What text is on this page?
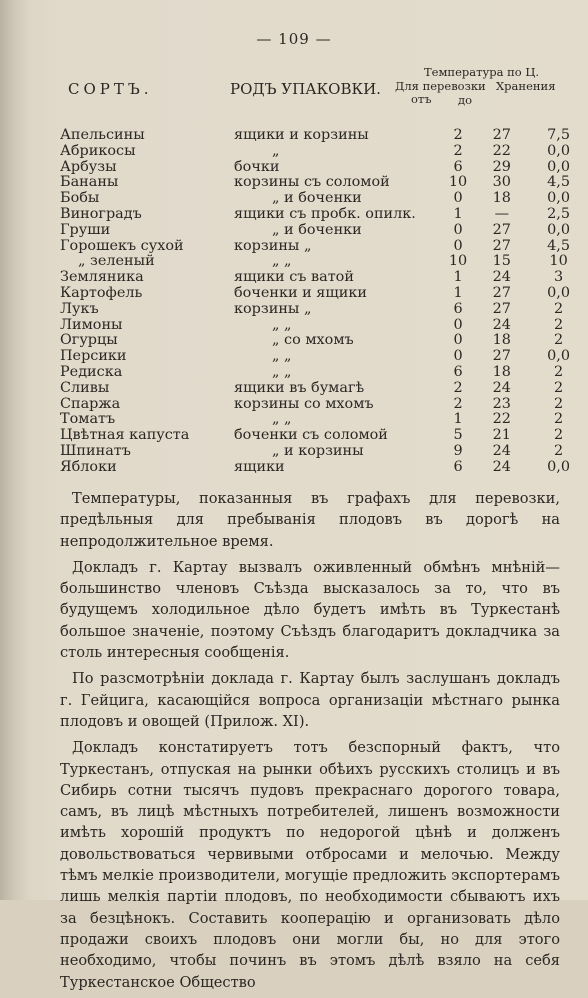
— 109 —
СОРТЪ.	РОДЪ УПАКОВКИ.
Температура по Ц.
Для перевозки Хранения
отъ до
Апельсины	ящики и корзины	2	27	7,5
Абрикосы	„	2	22	0,0
Арбузы	бочки	6	29	0,0
Бананы	корзины съ соломой	10	30	4,5
Бобы	„ и боченки	0	18	0,0
Виноградъ	ящики съ пробк. опилк.	1	—	2,5
Груши	„ и боченки	0	27	0,0
Горошекъ сухой	корзины „	0	27	4,5
„ зеленый	„ „	10	15	10
Земляника	ящики съ ватой	1	24	3
Картофель	боченки и ящики	1	27	0,0
Лукъ	корзины „	6	27	2
Лимоны	„ „	0	24	2
Огурцы	„ со мхомъ	0	18	2
Персики	„ „	0	27	0,0
Редиска	„ „	6	18	2
Сливы	ящики въ бумагѣ	2	24	2
Спаржа	корзины со мхомъ	2	23	2
Томатъ	„ „	1	22	2
Цвѣтная капуста	боченки съ соломой	5	21	2
Шпинатъ	„ и корзины	9	24	2
Яблоки	ящики	6	24	0,0

Температуры, показанныя въ графахъ для перевозки, предѣльныя для пребыванія плодовъ въ дорогѣ на непродолжительное время.

Докладъ г. Картау вызвалъ оживленный обмѣнъ мнѣній—большинство членовъ Съѣзда высказалось за то, что въ будущемъ холодильное дѣло будетъ имѣть въ Туркестанѣ большое значеніе, поэтому Съѣздъ благодаритъ докладчика за столь интересныя сообщенія.

По разсмотрѣніи доклада г. Картау былъ заслушанъ докладъ г. Гейцига, касающійся вопроса организаціи мѣстнаго рынка плодовъ и овощей (Прилож. XI).

Докладъ констатируетъ тотъ безспорный фактъ, что Туркестанъ, отпуская на рынки обѣихъ русскихъ столицъ и въ Сибирь сотни тысячъ пудовъ прекраснаго дорогого товара, самъ, въ лицѣ мѣстныхъ потребителей, лишенъ возможности имѣть хорошій продуктъ по недорогой цѣнѣ и долженъ довольствоваться червивыми отбросами и мелочью. Между тѣмъ мелкіе производители, могущіе предложить экспортерамъ лишь мелкія партіи плодовъ, по необходимости сбываютъ ихъ за безцѣнокъ. Составить кооперацію и организовать дѣло продажи своихъ плодовъ они могли бы, но для этого необходимо, чтобы починъ въ этомъ дѣлѣ взяло на себя Туркестанское Общество
